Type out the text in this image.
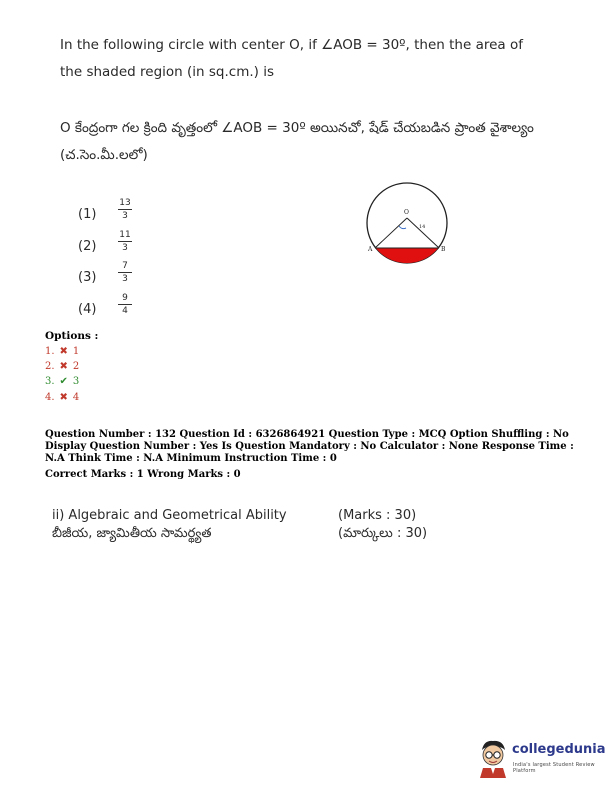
In the following circle with center O, if ∠AOB = 30º, then the area of the shaded region (in sq.cm.) is
O కేంద్రంగా గల క్రింది వృత్తంలో ∠AOB = 30º అయినచో, షేడ్ చేయబడిన ప్రాంత వైశాల్యం (చ.సెం.మీ.లలో)
(1)
13
3
(2)
11
3
(3)
7
3
(4)
9
4
O
A	B
14
Options :
1. ✖ 1
2. ✖ 2
3. ✔ 3
4. ✖ 4
Question Number : 132 Question Id : 6326864921 Question Type : MCQ Option Shuffling : No Display Question Number : Yes Is Question Mandatory : No Calculator : None Response Time : N.A Think Time : N.A Minimum Instruction Time : 0
Correct Marks : 1 Wrong Marks : 0
ii) Algebraic and Geometrical Ability
బీజీయ, జ్యామితీయ సామర్థ్యత
(Marks : 30)
(మార్కులు : 30)
collegedunia
India's largest Student Review Platform
